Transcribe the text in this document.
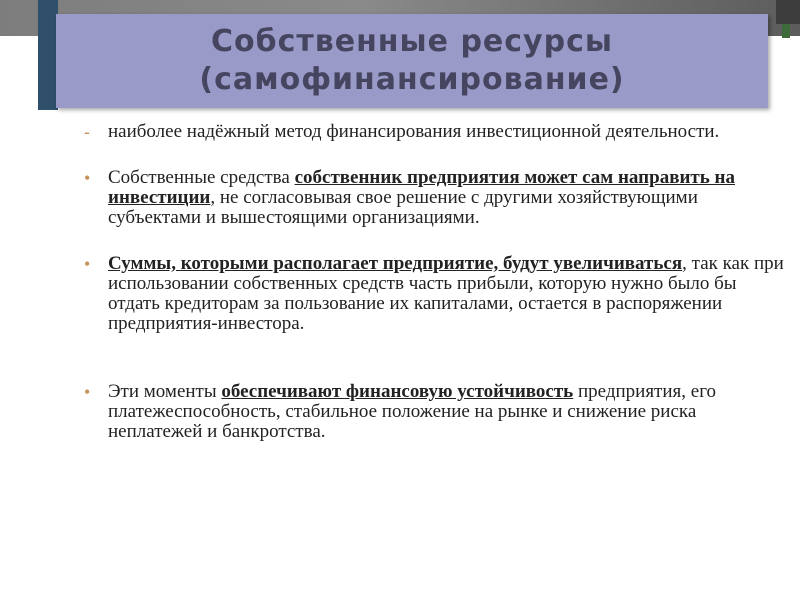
Собственные ресурсы
(самофинансирование)
- наиболее надёжный метод финансирования инвестиционной деятельности.
• Собственные средства собственник предприятия может сам направить на инвестиции, не согласовывая свое решение с другими хозяйствующими субъектами и вышестоящими организациями.
• Суммы, которыми располагает предприятие, будут увеличиваться, так как при использовании собственных средств часть прибыли, которую нужно было бы отдать кредиторам за пользование их капиталами, остается в распоряжении предприятия-инвестора.
• Эти моменты обеспечивают финансовую устойчивость предприятия, его платежеспособность, стабильное положение на рынке и снижение риска неплатежей и банкротства.
